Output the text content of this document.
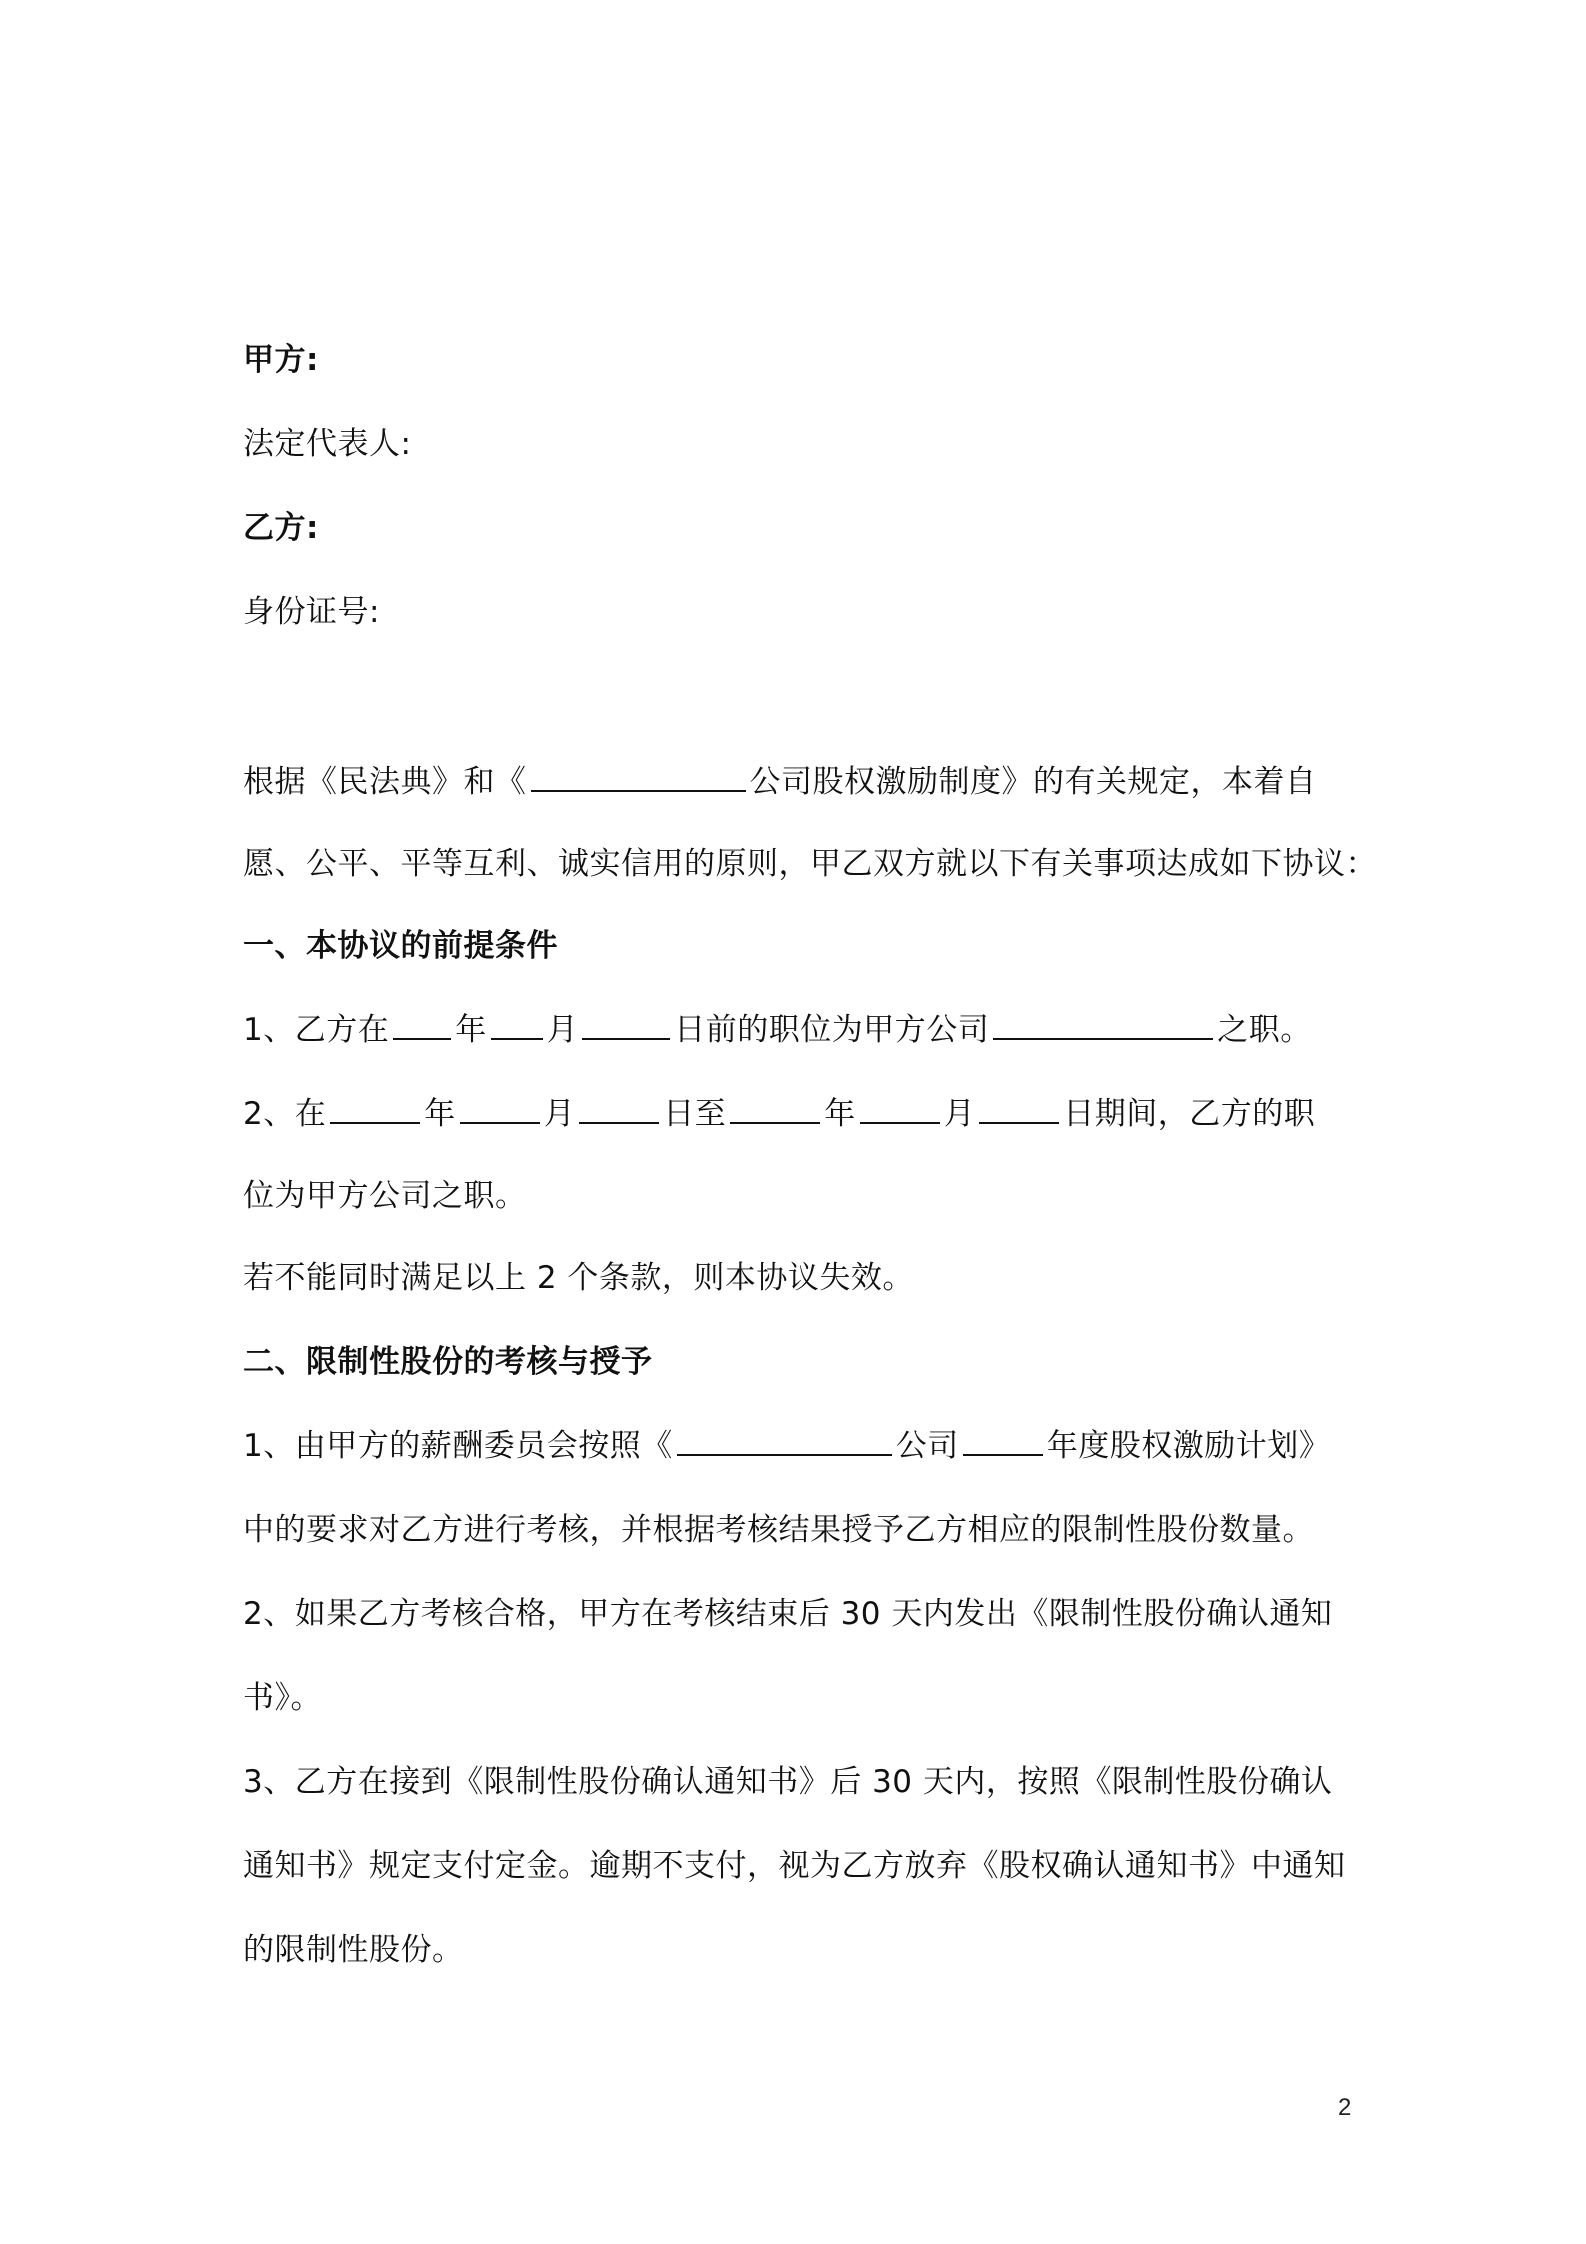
甲方:
法定代表人:
乙方:
身份证号:
根据《民法典》和《	公司股权激励制度》的有关规定，本着自
愿、公平、平等互利、诚实信用的原则，甲乙双方就以下有关事项达成如下协议：
一、本协议的前提条件
1、乙方在 年 月	日前的职位为甲方公司	之职。
2、在	年	月	日至	年	月	日期间，乙方的职
位为甲方公司之职。
若不能同时满足以上 2 个条款，则本协议失效。
二、限制性股份的考核与授予
1、由甲方的薪酬委员会按照《	公司	年度股权激励计划》
中的要求对乙方进行考核，并根据考核结果授予乙方相应的限制性股份数量。
2、如果乙方考核合格，甲方在考核结束后 30 天内发出《限制性股份确认通知
书》。
3、乙方在接到《限制性股份确认通知书》后 30 天内，按照《限制性股份确认
通知书》规定支付定金。逾期不支付，视为乙方放弃《股权确认通知书》中通知
的限制性股份。
2
